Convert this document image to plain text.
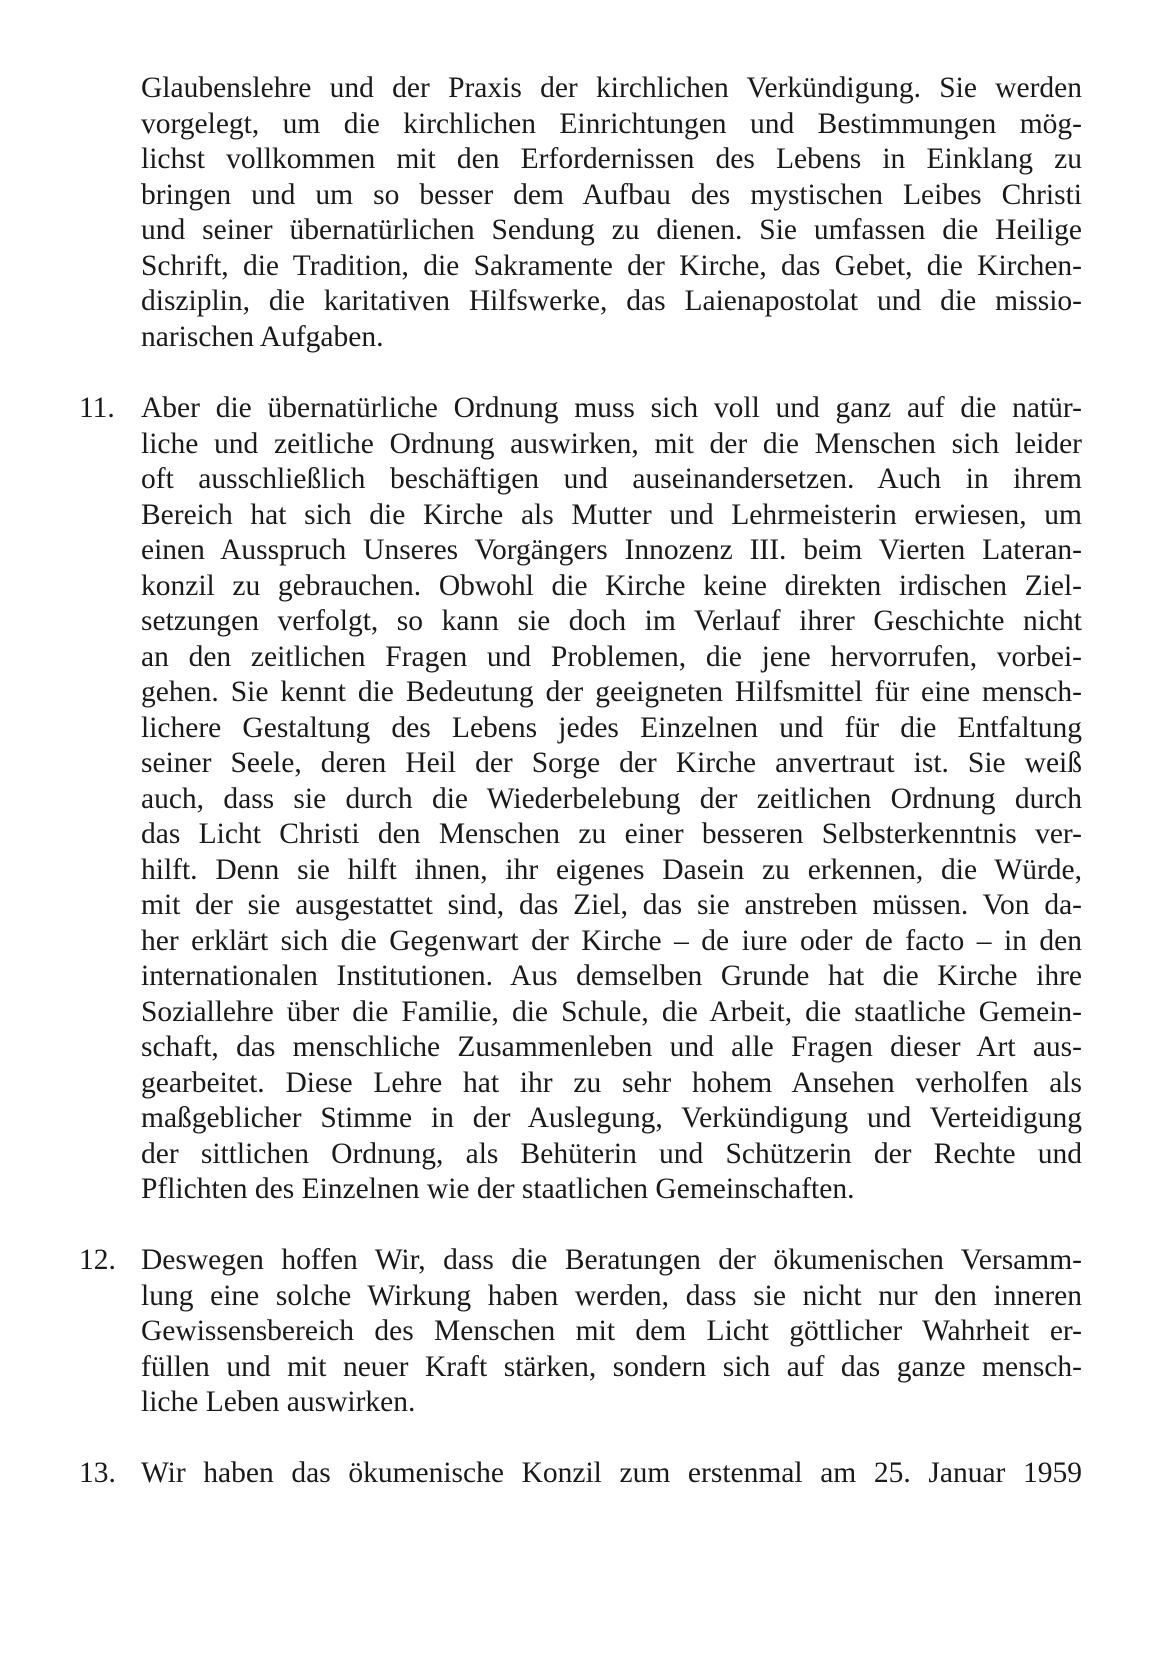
Glaubenslehre und der Praxis der kirchlichen Verkündigung. Sie werden
vorgelegt, um die kirchlichen Einrichtungen und Bestimmungen mög-
lichst vollkommen mit den Erfordernissen des Lebens in Einklang zu
bringen und um so besser dem Aufbau des mystischen Leibes Christi
und seiner übernatürlichen Sendung zu dienen. Sie umfassen die Heilige
Schrift, die Tradition, die Sakramente der Kirche, das Gebet, die Kirchen-
disziplin, die karitativen Hilfswerke, das Laienapostolat und die missio-
narischen Aufgaben.
11. Aber die übernatürliche Ordnung muss sich voll und ganz auf die natür-
liche und zeitliche Ordnung auswirken, mit der die Menschen sich leider
oft ausschließlich beschäftigen und auseinandersetzen. Auch in ihrem
Bereich hat sich die Kirche als Mutter und Lehrmeisterin erwiesen, um
einen Ausspruch Unseres Vorgängers Innozenz III. beim Vierten Lateran-
konzil zu gebrauchen. Obwohl die Kirche keine direkten irdischen Ziel-
setzungen verfolgt, so kann sie doch im Verlauf ihrer Geschichte nicht
an den zeitlichen Fragen und Problemen, die jene hervorrufen, vorbei-
gehen. Sie kennt die Bedeutung der geeigneten Hilfsmittel für eine mensch-
lichere Gestaltung des Lebens jedes Einzelnen und für die Entfaltung
seiner Seele, deren Heil der Sorge der Kirche anvertraut ist. Sie weiß
auch, dass sie durch die Wiederbelebung der zeitlichen Ordnung durch
das Licht Christi den Menschen zu einer besseren Selbsterkenntnis ver-
hilft. Denn sie hilft ihnen, ihr eigenes Dasein zu erkennen, die Würde,
mit der sie ausgestattet sind, das Ziel, das sie anstreben müssen. Von da-
her erklärt sich die Gegenwart der Kirche – de iure oder de facto – in den
internationalen Institutionen. Aus demselben Grunde hat die Kirche ihre
Soziallehre über die Familie, die Schule, die Arbeit, die staatliche Gemein-
schaft, das menschliche Zusammenleben und alle Fragen dieser Art aus-
gearbeitet. Diese Lehre hat ihr zu sehr hohem Ansehen verholfen als
maßgeblicher Stimme in der Auslegung, Verkündigung und Verteidigung
der sittlichen Ordnung, als Behüterin und Schützerin der Rechte und
Pflichten des Einzelnen wie der staatlichen Gemeinschaften.
12. Deswegen hoffen Wir, dass die Beratungen der ökumenischen Versamm-
lung eine solche Wirkung haben werden, dass sie nicht nur den inneren
Gewissensbereich des Menschen mit dem Licht göttlicher Wahrheit er-
füllen und mit neuer Kraft stärken, sondern sich auf das ganze mensch-
liche Leben auswirken.
13. Wir haben das ökumenische Konzil zum erstenmal am 25. Januar 1959
